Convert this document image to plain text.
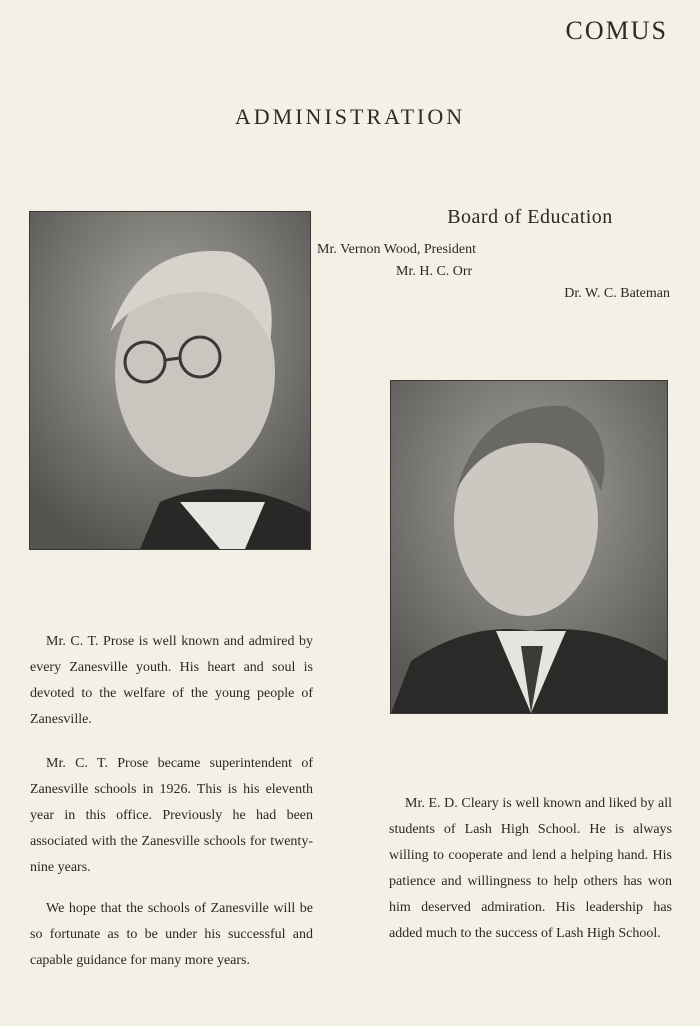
COMUS
ADMINISTRATION
Board of Education
Mr. Vernon Wood, President
Mr. H. C. Orr
Dr. W. C. Bateman

Mr. C. T. Prose is well known and admired by every Zanesville youth. His heart and soul is devoted to the welfare of the young people of Zanesville.

Mr. C. T. Prose became superintendent of Zanesville schools in 1926. This is his eleventh year in this office. Previously he had been associated with the Zanesville schools for twenty-nine years.

We hope that the schools of Zanesville will be so fortunate as to be under his successful and capable guidance for many more years.

Mr. E. D. Cleary is well known and liked by all students of Lash High School. He is always willing to cooperate and lend a helping hand. His patience and willingness to help others has won him deserved admiration. His leadership has added much to the success of Lash High School.
